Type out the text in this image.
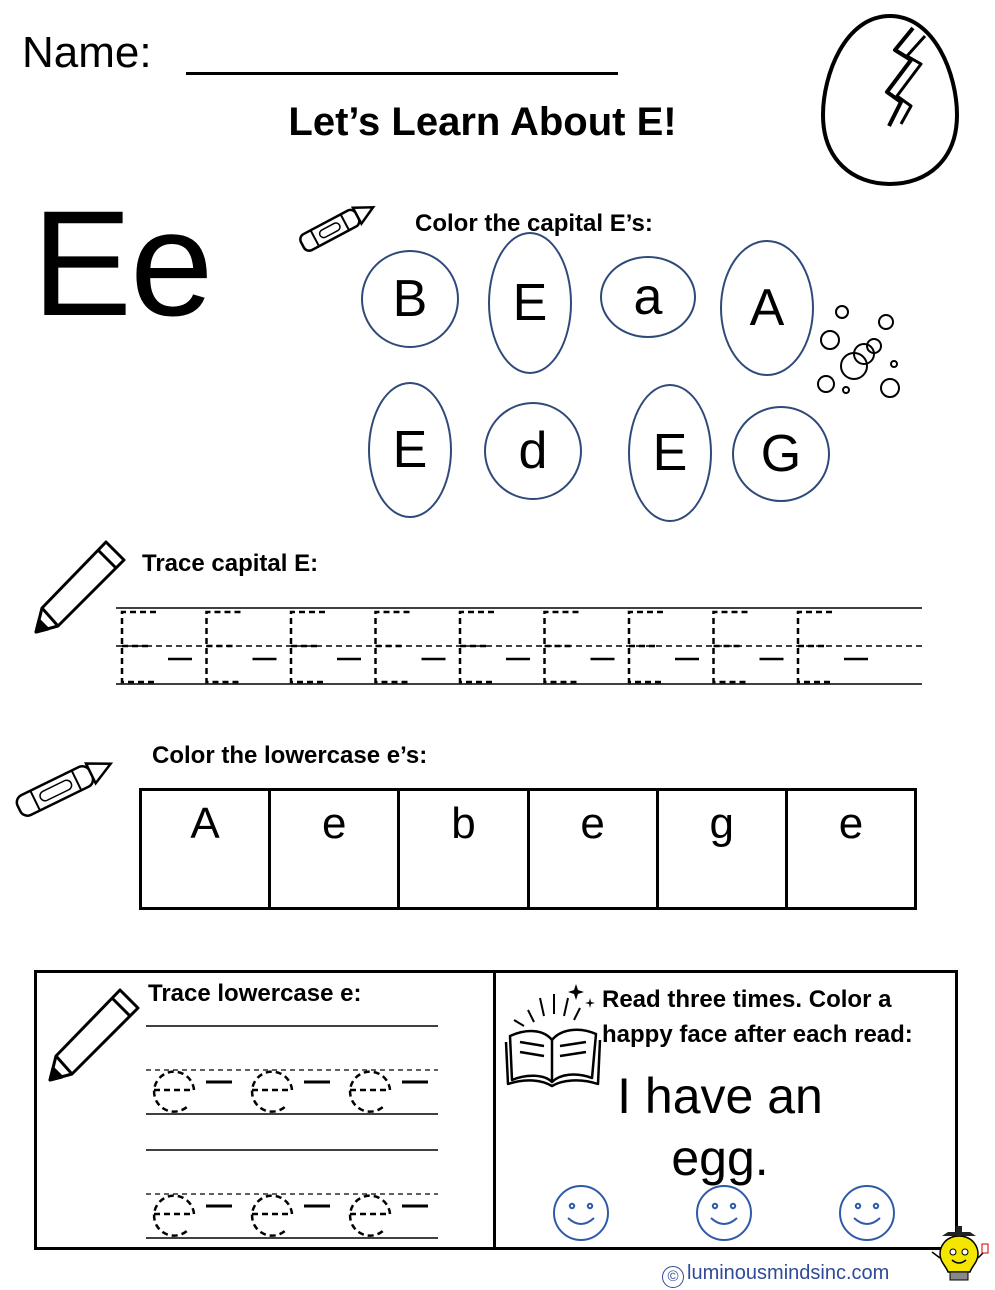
Name:
Let’s Learn About E!
Ee	Color the capital E’s:
B	E	a	A
E	d	E	G
Trace capital E:
Color the lowercase e’s:
A	e	b	e	g	e
Trace lowercase e:	Read three times. Color a
happy face after each read:
I have an
egg.
© luminousmindsinc.com
